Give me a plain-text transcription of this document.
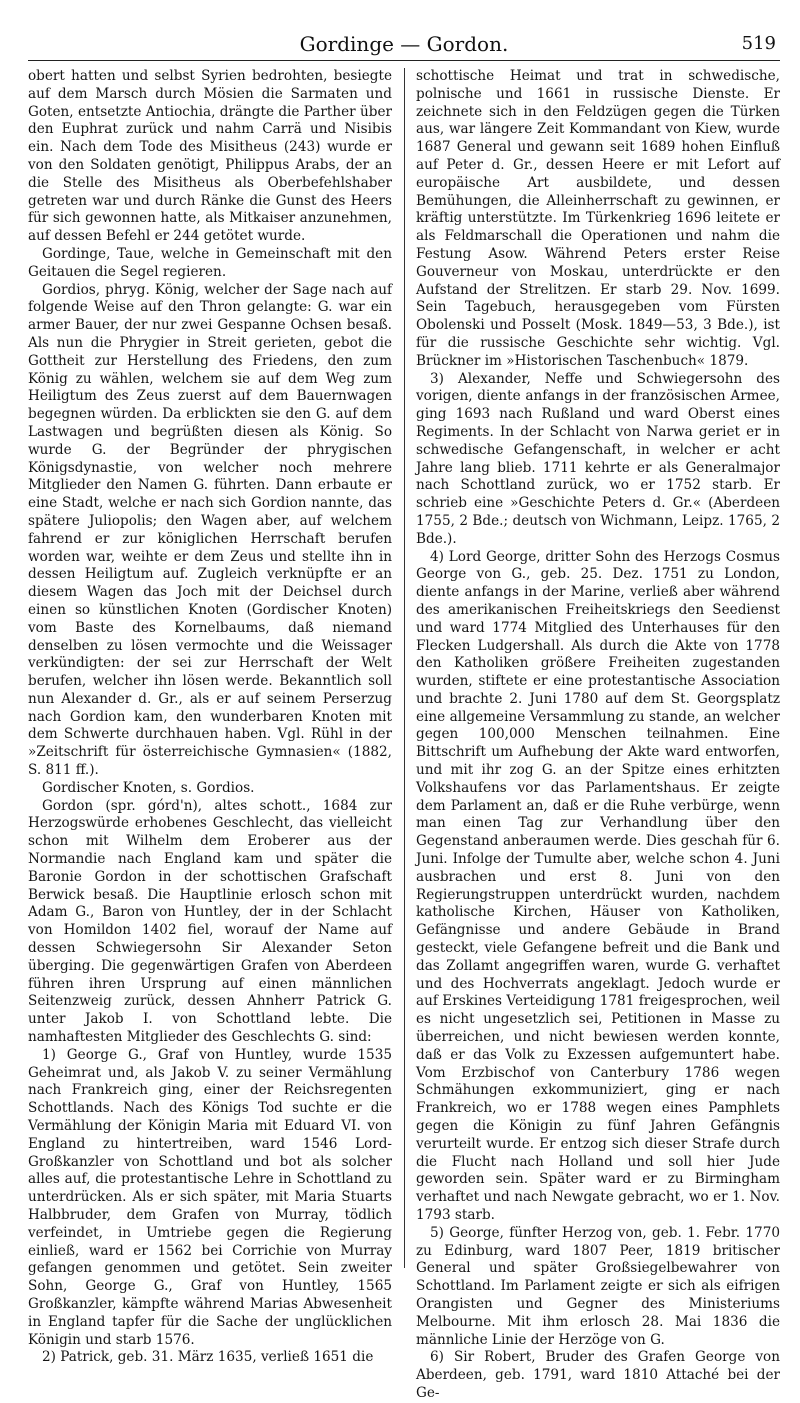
Gordinge — Gordon.	519

obert hatten und selbst Syrien bedrohten, besiegte auf dem Marsch durch Mösien die Sarmaten und Goten, entsetzte Antiochia, drängte die Parther über den Euphrat zurück und nahm Carrä und Nisibis ein. Nach dem Tode des Misitheus (243) wurde er von den Soldaten genötigt, Philippus Arabs, der an die Stelle des Misitheus als Oberbefehlshaber getreten war und durch Ränke die Gunst des Heers für sich gewonnen hatte, als Mitkaiser anzunehmen, auf dessen Befehl er 244 getötet wurde.

Gordinge, Taue, welche in Gemeinschaft mit den Geitauen die Segel regieren.

Gordios, phryg. König, welcher der Sage nach auf folgende Weise auf den Thron gelangte: G. war ein armer Bauer, der nur zwei Gespanne Ochsen besaß. Als nun die Phrygier in Streit gerieten, gebot die Gottheit zur Herstellung des Friedens, den zum König zu wählen, welchem sie auf dem Weg zum Heiligtum des Zeus zuerst auf dem Bauernwagen begegnen würden. Da erblickten sie den G. auf dem Lastwagen und begrüßten diesen als König. So wurde G. der Begründer der phrygischen Königsdynastie, von welcher noch mehrere Mitglieder den Namen G. führten. Dann erbaute er eine Stadt, welche er nach sich Gordion nannte, das spätere Juliopolis; den Wagen aber, auf welchem fahrend er zur königlichen Herrschaft berufen worden war, weihte er dem Zeus und stellte ihn in dessen Heiligtum auf. Zugleich verknüpfte er an diesem Wagen das Joch mit der Deichsel durch einen so künstlichen Knoten (Gordischer Knoten) vom Baste des Kornelbaums, daß niemand denselben zu lösen vermochte und die Weissager verkündigten: der sei zur Herrschaft der Welt berufen, welcher ihn lösen werde. Bekanntlich soll nun Alexander d. Gr., als er auf seinem Perserzug nach Gordion kam, den wunderbaren Knoten mit dem Schwerte durchhauen haben. Vgl. Rühl in der »Zeitschrift für österreichische Gymnasien« (1882, S. 811 ff.).

Gordischer Knoten, s. Gordios.

Gordon (spr. górd'n), altes schott., 1684 zur Herzogswürde erhobenes Geschlecht, das vielleicht schon mit Wilhelm dem Eroberer aus der Normandie nach England kam und später die Baronie Gordon in der schottischen Grafschaft Berwick besaß. Die Hauptlinie erlosch schon mit Adam G., Baron von Huntley, der in der Schlacht von Homildon 1402 fiel, worauf der Name auf dessen Schwiegersohn Sir Alexander Seton überging. Die gegenwärtigen Grafen von Aberdeen führen ihren Ursprung auf einen männlichen Seitenzweig zurück, dessen Ahnherr Patrick G. unter Jakob I. von Schottland lebte. Die namhaftesten Mitglieder des Geschlechts G. sind:

1) George G., Graf von Huntley, wurde 1535 Geheimrat und, als Jakob V. zu seiner Vermählung nach Frankreich ging, einer der Reichsregenten Schottlands. Nach des Königs Tod suchte er die Vermählung der Königin Maria mit Eduard VI. von England zu hintertreiben, ward 1546 Lord-Großkanzler von Schottland und bot als solcher alles auf, die protestantische Lehre in Schottland zu unterdrücken. Als er sich später, mit Maria Stuarts Halbbruder, dem Grafen von Murray, tödlich verfeindet, in Umtriebe gegen die Regierung einließ, ward er 1562 bei Corrichie von Murray gefangen genommen und getötet. Sein zweiter Sohn, George G., Graf von Huntley, 1565 Großkanzler, kämpfte während Marias Abwesenheit in England tapfer für die Sache der unglücklichen Königin und starb 1576.

2) Patrick, geb. 31. März 1635, verließ 1651 die

schottische Heimat und trat in schwedische, polnische und 1661 in russische Dienste. Er zeichnete sich in den Feldzügen gegen die Türken aus, war längere Zeit Kommandant von Kiew, wurde 1687 General und gewann seit 1689 hohen Einfluß auf Peter d. Gr., dessen Heere er mit Lefort auf europäische Art ausbildete, und dessen Bemühungen, die Alleinherrschaft zu gewinnen, er kräftig unterstützte. Im Türkenkrieg 1696 leitete er als Feldmarschall die Operationen und nahm die Festung Asow. Während Peters erster Reise Gouverneur von Moskau, unterdrückte er den Aufstand der Strelitzen. Er starb 29. Nov. 1699. Sein Tagebuch, herausgegeben vom Fürsten Obolenski und Posselt (Mosk. 1849—53, 3 Bde.), ist für die russische Geschichte sehr wichtig. Vgl. Brückner im »Historischen Taschenbuch« 1879.

3) Alexander, Neffe und Schwiegersohn des vorigen, diente anfangs in der französischen Armee, ging 1693 nach Rußland und ward Oberst eines Regiments. In der Schlacht von Narwa geriet er in schwedische Gefangenschaft, in welcher er acht Jahre lang blieb. 1711 kehrte er als Generalmajor nach Schottland zurück, wo er 1752 starb. Er schrieb eine »Geschichte Peters d. Gr.« (Aberdeen 1755, 2 Bde.; deutsch von Wichmann, Leipz. 1765, 2 Bde.).

4) Lord George, dritter Sohn des Herzogs Cosmus George von G., geb. 25. Dez. 1751 zu London, diente anfangs in der Marine, verließ aber während des amerikanischen Freiheitskriegs den Seedienst und ward 1774 Mitglied des Unterhauses für den Flecken Ludgershall. Als durch die Akte von 1778 den Katholiken größere Freiheiten zugestanden wurden, stiftete er eine protestantische Association und brachte 2. Juni 1780 auf dem St. Georgsplatz eine allgemeine Versammlung zu stande, an welcher gegen 100,000 Menschen teilnahmen. Eine Bittschrift um Aufhebung der Akte ward entworfen, und mit ihr zog G. an der Spitze eines erhitzten Volkshaufens vor das Parlamentshaus. Er zeigte dem Parlament an, daß er die Ruhe verbürge, wenn man einen Tag zur Verhandlung über den Gegenstand anberaumen werde. Dies geschah für 6. Juni. Infolge der Tumulte aber, welche schon 4. Juni ausbrachen und erst 8. Juni von den Regierungstruppen unterdrückt wurden, nachdem katholische Kirchen, Häuser von Katholiken, Gefängnisse und andere Gebäude in Brand gesteckt, viele Gefangene befreit und die Bank und das Zollamt angegriffen waren, wurde G. verhaftet und des Hochverrats angeklagt. Jedoch wurde er auf Erskines Verteidigung 1781 freigesprochen, weil es nicht ungesetzlich sei, Petitionen in Masse zu überreichen, und nicht bewiesen werden konnte, daß er das Volk zu Exzessen aufgemuntert habe. Vom Erzbischof von Canterbury 1786 wegen Schmähungen exkommuniziert, ging er nach Frankreich, wo er 1788 wegen eines Pamphlets gegen die Königin zu fünf Jahren Gefängnis verurteilt wurde. Er entzog sich dieser Strafe durch die Flucht nach Holland und soll hier Jude geworden sein. Später ward er zu Birmingham verhaftet und nach Newgate gebracht, wo er 1. Nov. 1793 starb.

5) George, fünfter Herzog von, geb. 1. Febr. 1770 zu Edinburg, ward 1807 Peer, 1819 britischer General und später Großsiegelbewahrer von Schottland. Im Parlament zeigte er sich als eifrigen Orangisten und Gegner des Ministeriums Melbourne. Mit ihm erlosch 28. Mai 1836 die männliche Linie der Herzöge von G.

6) Sir Robert, Bruder des Grafen George von Aberdeen, geb. 1791, ward 1810 Attaché bei der Ge-
